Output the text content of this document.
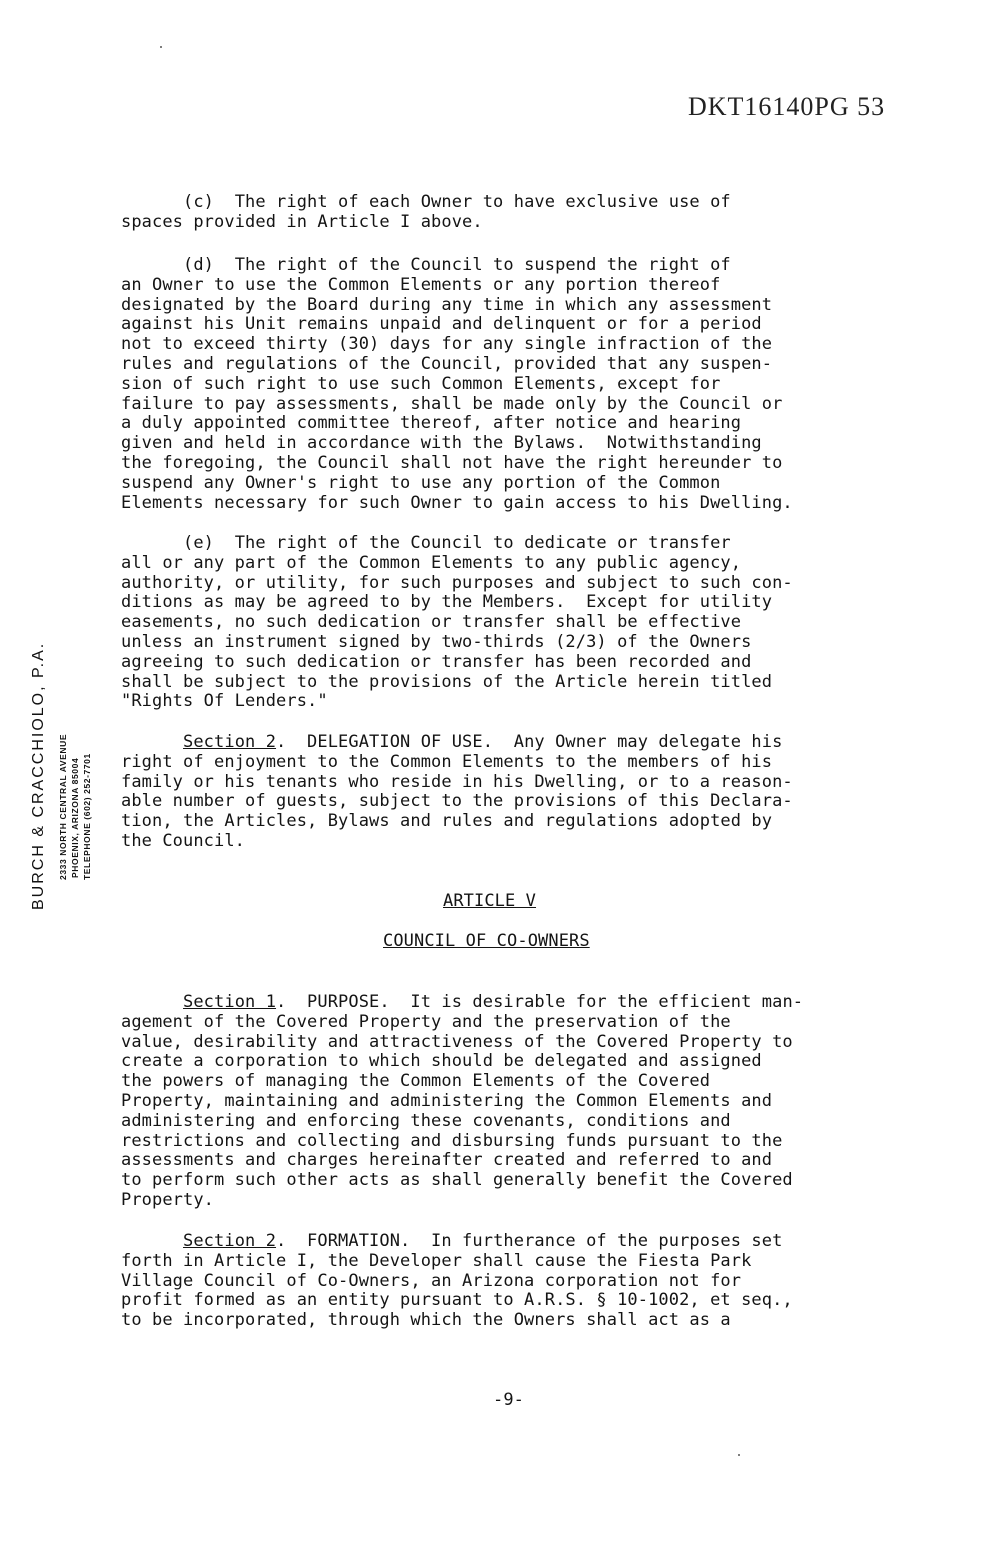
DKT16140PG 53
BURCH & CRACCHIOLO, P.A. 2333 NORTH CENTRAL AVENUE PHOENIX, ARIZONA 85004 TELEPHONE (602) 252-7701

(c)  The right of each Owner to have exclusive use of
spaces provided in Article I above.

(d)  The right of the Council to suspend the right of
an Owner to use the Common Elements or any portion thereof
designated by the Board during any time in which any assessment
against his Unit remains unpaid and delinquent or for a period
not to exceed thirty (30) days for any single infraction of the
rules and regulations of the Council, provided that any suspen-
sion of such right to use such Common Elements, except for
failure to pay assessments, shall be made only by the Council or
a duly appointed committee thereof, after notice and hearing
given and held in accordance with the Bylaws.  Notwithstanding
the foregoing, the Council shall not have the right hereunder to
suspend any Owner's right to use any portion of the Common
Elements necessary for such Owner to gain access to his Dwelling.

(e)  The right of the Council to dedicate or transfer
all or any part of the Common Elements to any public agency,
authority, or utility, for such purposes and subject to such con-
ditions as may be agreed to by the Members.  Except for utility
easements, no such dedication or transfer shall be effective
unless an instrument signed by two-thirds (2/3) of the Owners
agreeing to such dedication or transfer has been recorded and
shall be subject to the provisions of the Article herein titled
"Rights Of Lenders."

Section 2.  DELEGATION OF USE.  Any Owner may delegate his
right of enjoyment to the Common Elements to the members of his
family or his tenants who reside in his Dwelling, or to a reason-
able number of guests, subject to the provisions of this Declara-
tion, the Articles, Bylaws and rules and regulations adopted by
the Council.

ARTICLE V

COUNCIL OF CO-OWNERS

Section 1.  PURPOSE.  It is desirable for the efficient man-
agement of the Covered Property and the preservation of the
value, desirability and attractiveness of the Covered Property to
create a corporation to which should be delegated and assigned
the powers of managing the Common Elements of the Covered
Property, maintaining and administering the Common Elements and
administering and enforcing these covenants, conditions and
restrictions and collecting and disbursing funds pursuant to the
assessments and charges hereinafter created and referred to and
to perform such other acts as shall generally benefit the Covered
Property.

Section 2.  FORMATION.  In furtherance of the purposes set
forth in Article I, the Developer shall cause the Fiesta Park
Village Council of Co-Owners, an Arizona corporation not for
profit formed as an entity pursuant to A.R.S. § 10-1002, et seq.,
to be incorporated, through which the Owners shall act as a

-9-
